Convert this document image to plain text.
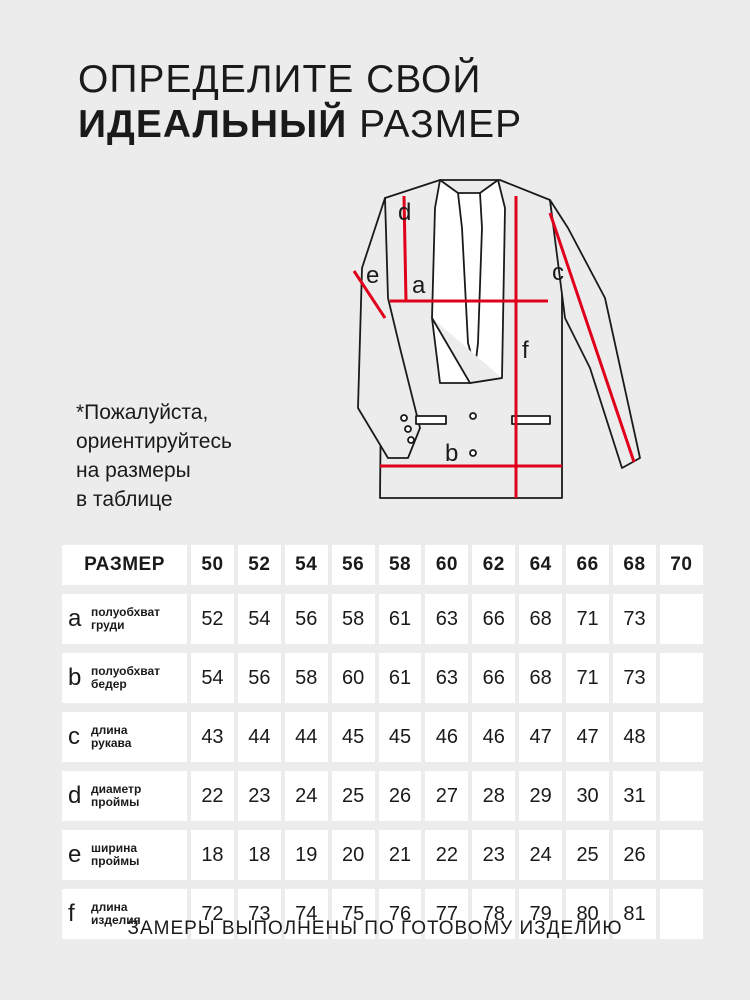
ОПРЕДЕЛИТЕ СВОЙ
ИДЕАЛЬНЫЙ РАЗМЕР
*Пожалуйста,
ориентируйтесь
на размеры
в таблице
d
e a	c
f
b
РАЗМЕР	50	52	54	56	58	60	62	64	66	68	70
a полуобхват
груди	52	54	56	58	61	63	66	68	71	73
b полуобхват
бедер	54	56	58	60	61	63	66	68	71	73
c длина
рукава	43	44	44	45	45	46	46	47	47	48
d диаметр
проймы	22	23	24	25	26	27	28	29	30	31
e ширина
проймы	18	18	19	20	21	22	23	24	25	26
f	длина
изделия	72	73	74	75	76	77	78	79	80	81
ЗАМЕРЫ ВЫПОЛНЕНЫ ПО ГОТОВОМУ ИЗДЕЛИЮ
